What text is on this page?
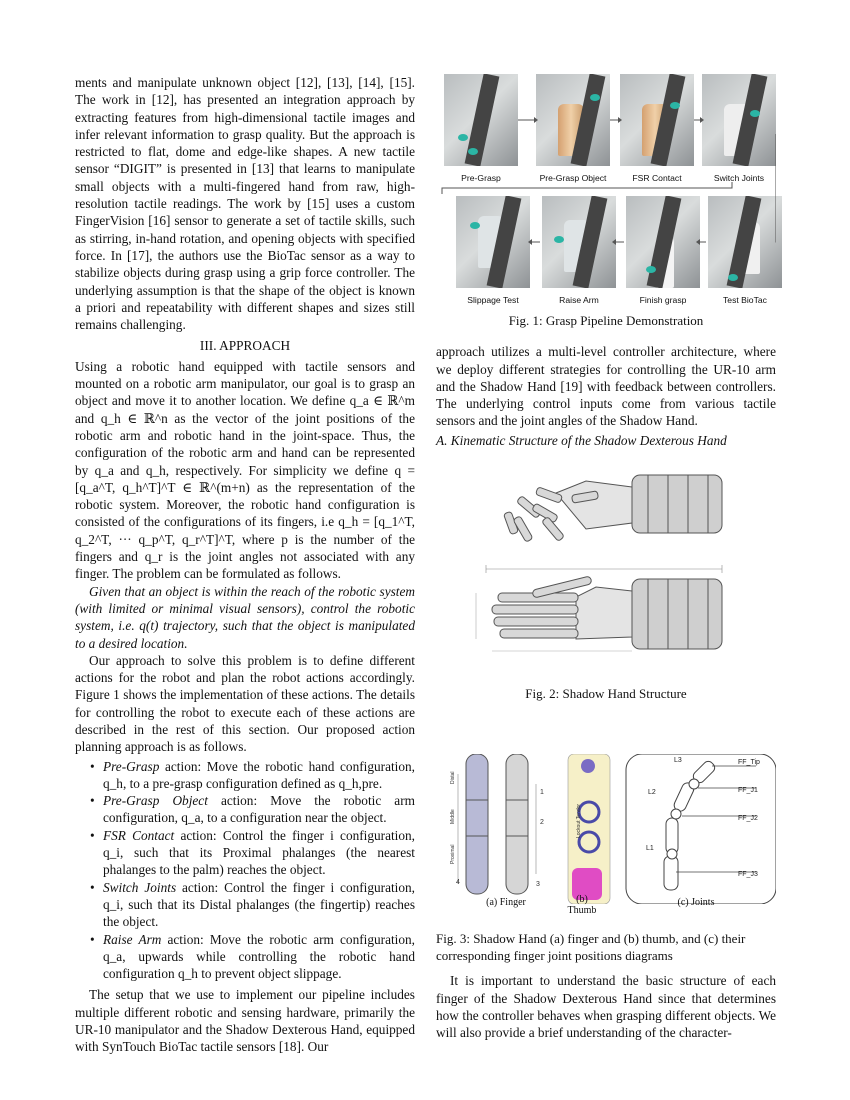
ments and manipulate unknown object [12], [13], [14], [15]. The work in [12], has presented an integration approach by extracting features from high-dimensional tactile images and infer relevant information to grasp quality. But the approach is restricted to flat, dome and edge-like shapes. A new tactile sensor “DIGIT” is presented in [13] that learns to manipulate small objects with a multi-fingered hand from raw, high-resolution tactile readings. The work by [15] uses a custom FingerVision [16] sensor to generate a set of tactile skills, such as stirring, in-hand rotation, and opening objects with specified force. In [17], the authors use the BioTac sensor as a way to stabilize objects during grasp using a grip force controller. The underlying assumption is that the shape of the object is known a priori and repeatability with different shapes and sizes still remains challenging.

III. APPROACH

Using a robotic hand equipped with tactile sensors and mounted on a robotic arm manipulator, our goal is to grasp an object and move it to another location. We define q_a ∈ ℝ^m and q_h ∈ ℝ^n as the vector of the joint positions of the robotic arm and robotic hand in the joint-space. Thus, the configuration of the robotic arm and hand can be represented by q_a and q_h, respectively. For simplicity we define q = [q_a^T, q_h^T]^T ∈ ℝ^(m+n) as the representation of the robotic system. Moreover, the robotic hand configuration is consisted of the configurations of its fingers, i.e q_h = [q_1^T, q_2^T, ··· q_p^T, q_r^T]^T, where p is the number of the fingers and q_r is the joint angles not associated with any finger. The problem can be formulated as follows.

Given that an object is within the reach of the robotic system (with limited or minimal visual sensors), control the robotic system, i.e. q(t) trajectory, such that the object is manipulated to a desired location.

Our approach to solve this problem is to define different actions for the robot and plan the robot actions accordingly. Figure 1 shows the implementation of these actions. The details for controlling the robot to execute each of these actions are described in the rest of this section. Our proposed action planning approach is as follows.

• Pre-Grasp action: Move the robotic hand configuration, q_h, to a pre-grasp configuration defined as q_h,pre.
• Pre-Grasp Object action: Move the robotic arm configuration, q_a, to a configuration near the object.
• FSR Contact action: Control the finger i configuration, q_i, such that its Proximal phalanges (the nearest phalanges to the palm) reaches the object.
• Switch Joints action: Control the finger i configuration, q_i, such that its Distal phalanges (the fingertip) reaches the object.
• Raise Arm action: Move the robotic arm configuration, q_a, upwards while controlling the robotic hand configuration q_h to prevent object slippage.

The setup that we use to implement our pipeline includes multiple different robotic and sensing hardware, primarily the UR-10 manipulator and the Shadow Dexterous Hand, equipped with SynTouch BioTac tactile sensors [18]. Our

Pre-Grasp	Pre-Grasp Object	FSR Contact	Switch Joints
Slippage Test	Raise Arm	Finish grasp	Test BioTac
Fig. 1: Grasp Pipeline Demonstration

approach utilizes a multi-level controller architecture, where we deploy different strategies for controlling the UR-10 arm and the Shadow Hand [19] with feedback between controllers. The underlying control inputs come from various tactile sensors and the joint angles of the Shadow Hand.

A. Kinematic Structure of the Shadow Dexterous Hand
Fig. 2: Shadow Hand Structure
Distal
Middle
Proximal
1
2
3
4
Lockout Tendor
L3
L2
L1
FF_Tip
FF_J1
FF_J2
FF_J3
(a) Finger	(b) Thumb
(c) Joints
Fig. 3: Shadow Hand (a) finger and (b) thumb, and (c) their corresponding finger joint positions diagrams

It is important to understand the basic structure of each finger of the Shadow Dexterous Hand since that determines how the controller behaves when grasping different objects. We will also provide a brief understanding of the character-
